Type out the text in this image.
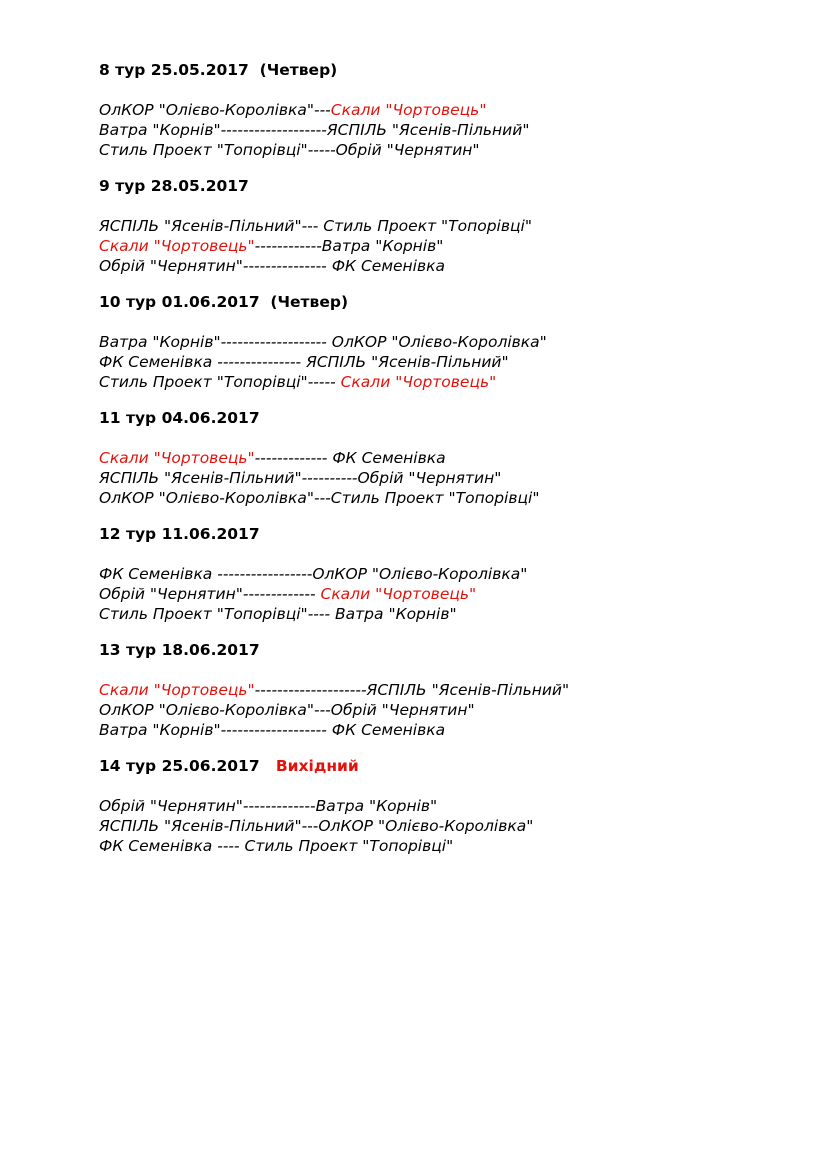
8 тур 25.05.2017 (Четвер)
ОлКОР "Олієво-Королівка"---Скали "Чортовець"
Ватра "Корнів"-------------------ЯСПІЛЬ "Ясенів-Пільний"
Стиль Проект "Топорівці"-----Обрій "Чернятин"
9 тур 28.05.2017
ЯСПІЛЬ "Ясенів-Пільний"--- Стиль Проект "Топорівці"
Скали "Чортовець"------------Ватра "Корнів"
Обрій "Чернятин"--------------- ФК Семенівка
10 тур 01.06.2017 (Четвер)
Ватра "Корнів"------------------- ОлКОР "Олієво-Королівка"
ФК Семенівка --------------- ЯСПІЛЬ "Ясенів-Пільний"
Стиль Проект "Топорівці"----- Скали "Чортовець"
11 тур 04.06.2017
Скали "Чортовець"------------- ФК Семенівка
ЯСПІЛЬ "Ясенів-Пільний"----------Обрій "Чернятин"
ОлКОР "Олієво-Королівка"---Стиль Проект "Топорівці"
12 тур 11.06.2017
ФК Семенівка -----------------ОлКОР "Олієво-Королівка"
Обрій "Чернятин"------------- Скали "Чортовець"
Стиль Проект "Топорівці"---- Ватра "Корнів"
13 тур 18.06.2017
Скали "Чортовець"--------------------ЯСПІЛЬ "Ясенів-Пільний"
ОлКОР "Олієво-Королівка"---Обрій "Чернятин"
Ватра "Корнів"------------------- ФК Семенівка
14 тур 25.06.2017 Вихідний
Обрій "Чернятин"-------------Ватра "Корнів"
ЯСПІЛЬ "Ясенів-Пільний"---ОлКОР "Олієво-Королівка"
ФК Семенівка ---- Стиль Проект "Топорівці"
